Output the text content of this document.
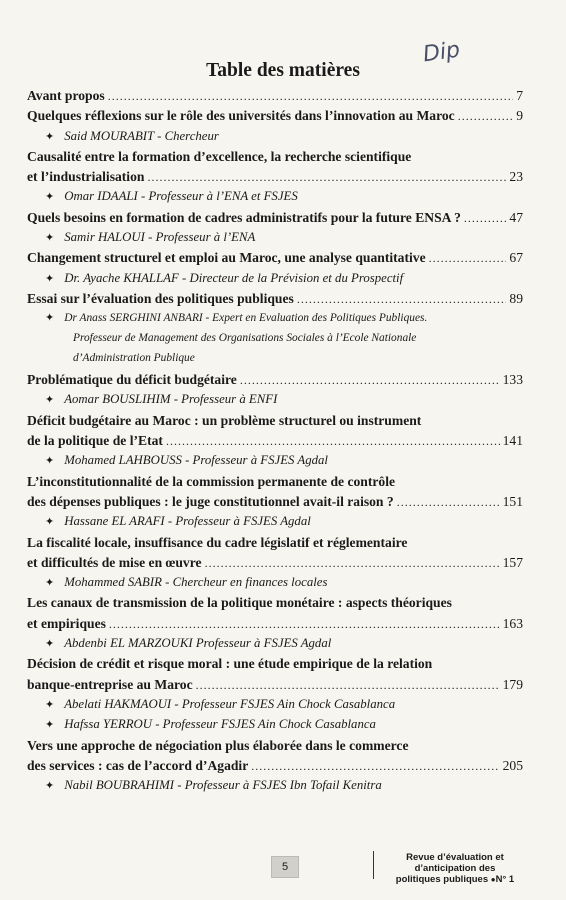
Table des matières
Dip
Avant propos .....	7
Quelques réflexions sur le rôle des universités dans l’innovation au Maroc .....	9
✦ Said MOURABIT - Chercheur
Causalité entre la formation d’excellence, la recherche scientifique
et l’industrialisation .....	23
✦ Omar IDAALI - Professeur à l’ENA et FSJES
Quels besoins en formation de cadres administratifs pour la future ENSA ? .....	47
✦ Samir HALOUI - Professeur à l’ENA
Changement structurel et emploi au Maroc, une analyse quantitative .....	67
✦ Dr. Ayache KHALLAF - Directeur de la Prévision et du Prospectif
Essai sur l’évaluation des politiques publiques .....	89
✦ Dr Anass SERGHINI ANBARI - Expert en Evaluation des Politiques Publiques.
Professeur de Management des Organisations Sociales à l’Ecole Nationale
d’Administration Publique
Problématique du déficit budgétaire .....	133
✦ Aomar BOUSLIHIM - Professeur à ENFI
Déficit budgétaire au Maroc : un problème structurel ou instrument
de la politique de l’Etat .....	141
✦ Mohamed LAHBOUSS - Professeur à FSJES Agdal
L’inconstitutionnalité de la commission permanente de contrôle
des dépenses publiques : le juge constitutionnel avait-il raison ? .....	151
✦ Hassane EL ARAFI - Professeur à FSJES Agdal
La fiscalité locale, insuffisance du cadre législatif et réglementaire
et difficultés de mise en œuvre .....	157
✦ Mohammed SABIR - Chercheur en finances locales
Les canaux de transmission de la politique monétaire : aspects théoriques
et empiriques .....	163
✦ Abdenbi EL MARZOUKI Professeur à FSJES Agdal
Décision de crédit et risque moral : une étude empirique de la relation
banque-entreprise au Maroc .....	179
✦ Abelati HAKMAOUI - Professeur FSJES Ain Chock Casablanca
✦ Hafssa YERROU - Professeur FSJES Ain Chock Casablanca
Vers une approche de négociation plus élaborée dans le commerce
des services : cas de l’accord d’Agadir .....	205
✦ Nabil BOUBRAHIMI - Professeur à FSJES Ibn Tofail Kenitra
5
Revue d’évaluation et d’anticipation des
politiques publiques ●N° 1
